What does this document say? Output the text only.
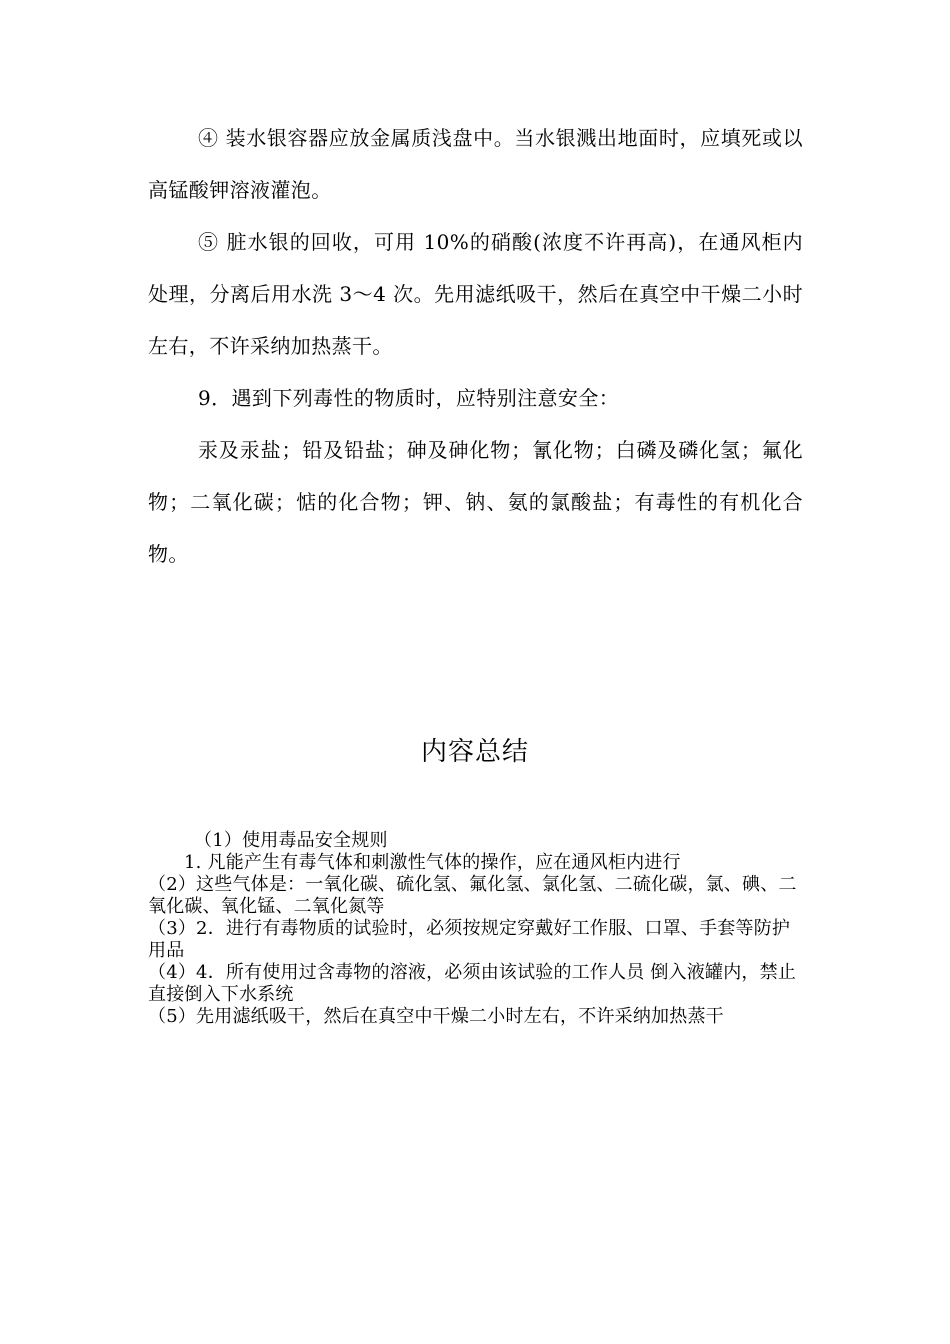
④ 装水银容器应放金属质浅盘中。当水银溅出地面时，应填死或以高锰酸钾溶液灌泡。

⑤ 脏水银的回收，可用 10%的硝酸(浓度不许再高)，在通风柜内处理，分离后用水洗 3～4 次。先用滤纸吸干，然后在真空中干燥二小时左右，不许采纳加热蒸干。

9．遇到下列毒性的物质时，应特别注意安全：

汞及汞盐；铅及铅盐；砷及砷化物；氰化物；白磷及磷化氢；氟化物；二氧化碳；惦的化合物；钾、钠、氨的氯酸盐；有毒性的有机化合物。

内容总结

（1）使用毒品安全规则

1. 凡能产生有毒气体和刺激性气体的操作，应在通风柜内进行

（2）这些气体是：一氧化碳、硫化氢、氟化氢、氯化氢、二硫化碳，氯、碘、二氧化碳、氧化锰、二氧化氮等

（3）2．进行有毒物质的试验时，必须按规定穿戴好工作服、口罩、手套等防护用品

（4）4．所有使用过含毒物的溶液，必须由该试验的工作人员 倒入液罐内，禁止直接倒入下水系统

（5）先用滤纸吸干，然后在真空中干燥二小时左右，不许采纳加热蒸干
